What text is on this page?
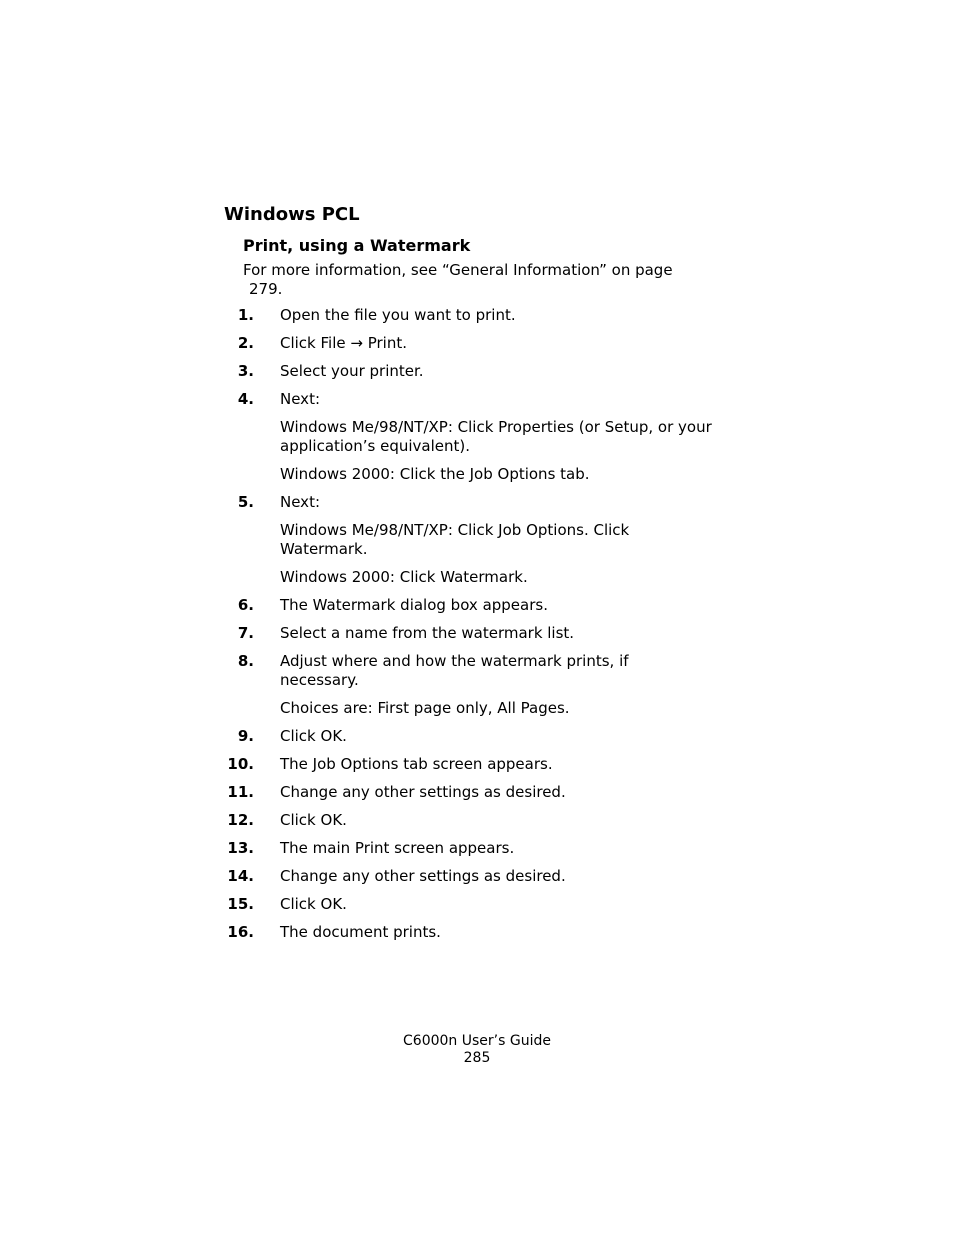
Windows PCL
Print, using a Watermark

For more information, see “General Information” on page
279.

1. Open the file you want to print.
2. Click File → Print.
3. Select your printer.
4. Next:
Windows Me/98/NT/XP: Click Properties (or Setup, or your application’s equivalent).
Windows 2000: Click the Job Options tab.
5. Next:
Windows Me/98/NT/XP: Click Job Options. Click Watermark.
Windows 2000: Click Watermark.
6. The Watermark dialog box appears.
7. Select a name from the watermark list.
8. Adjust where and how the watermark prints, if necessary.
Choices are: First page only, All Pages.
9. Click OK.
10. The Job Options tab screen appears.
11. Change any other settings as desired.
12. Click OK.
13. The main Print screen appears.
14. Change any other settings as desired.
15. Click OK.
16. The document prints.
C6000n User’s Guide
285
